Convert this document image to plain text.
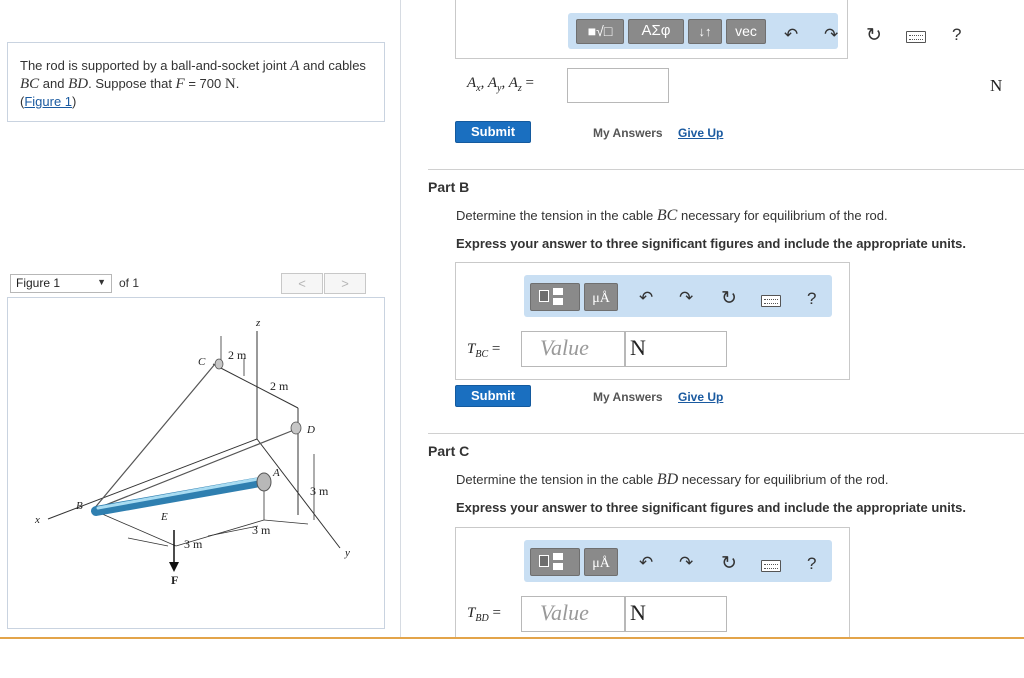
The rod is supported by a ball-and-socket joint A and cables BC and BD. Suppose that F = 700 N.
(Figure 1)
Figure 1	▼ of 1	<	>
z
x
y
A
B
C
D
E
F
2 m
2 m
3 m
3 m
3 m
■√□	AΣφ	↓↑	vec	↶ ↷ ↻	?
$A_x$, $A_y$, $A_z$ =	N
Submit	My Answers Give Up
Part B
Determine the tension in the cable BC necessary for equilibrium of the rod.
Express your answer to three significant figures and include the appropriate units.
μÅ	↶ ↷ ↻	?
$T_{BC}$ =	Value	N
Submit	My Answers Give Up
Part C
Determine the tension in the cable BD necessary for equilibrium of the rod.
Express your answer to three significant figures and include the appropriate units.
μÅ	↶ ↷ ↻	?
$T_{BD}$ =	Value	N
